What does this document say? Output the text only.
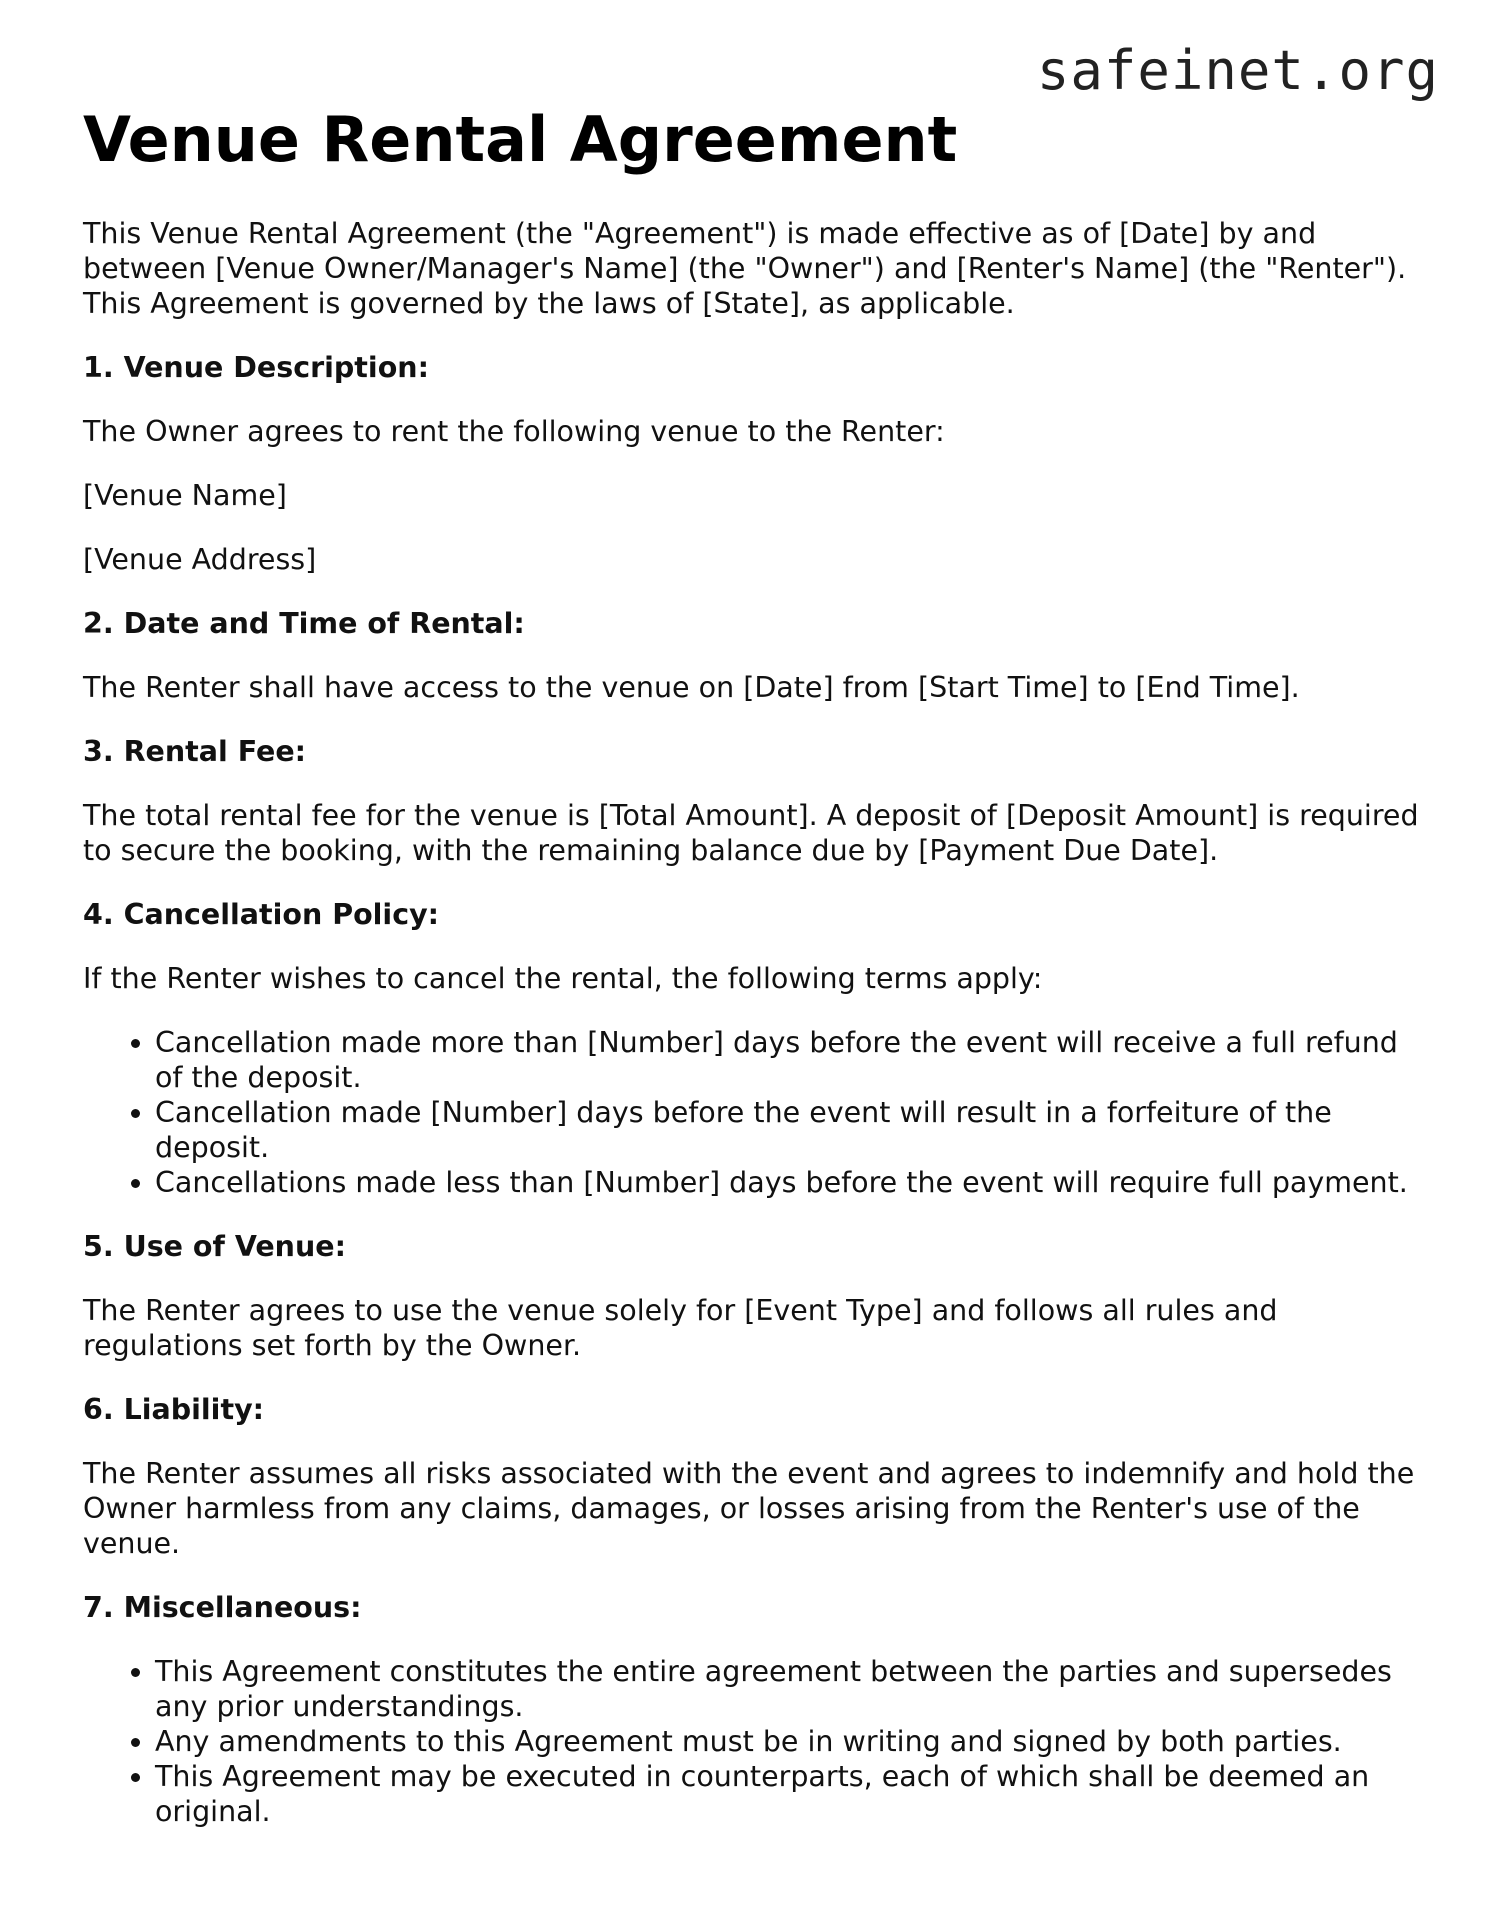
safeinet.org
Venue Rental Agreement

This Venue Rental Agreement (the "Agreement") is made effective as of [Date] by and between [Venue Owner/Manager's Name] (the "Owner") and [Renter's Name] (the "Renter"). This Agreement is governed by the laws of [State], as applicable.

1. Venue Description:

The Owner agrees to rent the following venue to the Renter:

[Venue Name]

[Venue Address]

2. Date and Time of Rental:

The Renter shall have access to the venue on [Date] from [Start Time] to [End Time].

3. Rental Fee:

The total rental fee for the venue is [Total Amount]. A deposit of [Deposit Amount] is required to secure the booking, with the remaining balance due by [Payment Due Date].

4. Cancellation Policy:

If the Renter wishes to cancel the rental, the following terms apply:

• Cancellation made more than [Number] days before the event will receive a full refund of the deposit.
• Cancellation made [Number] days before the event will result in a forfeiture of the deposit.
• Cancellations made less than [Number] days before the event will require full payment.
5. Use of Venue:

The Renter agrees to use the venue solely for [Event Type] and follows all rules and regulations set forth by the Owner.

6. Liability:

The Renter assumes all risks associated with the event and agrees to indemnify and hold the Owner harmless from any claims, damages, or losses arising from the Renter's use of the venue.

7. Miscellaneous:
• This Agreement constitutes the entire agreement between the parties and supersedes any prior understandings.
• Any amendments to this Agreement must be in writing and signed by both parties.
• This Agreement may be executed in counterparts, each of which shall be deemed an original.
